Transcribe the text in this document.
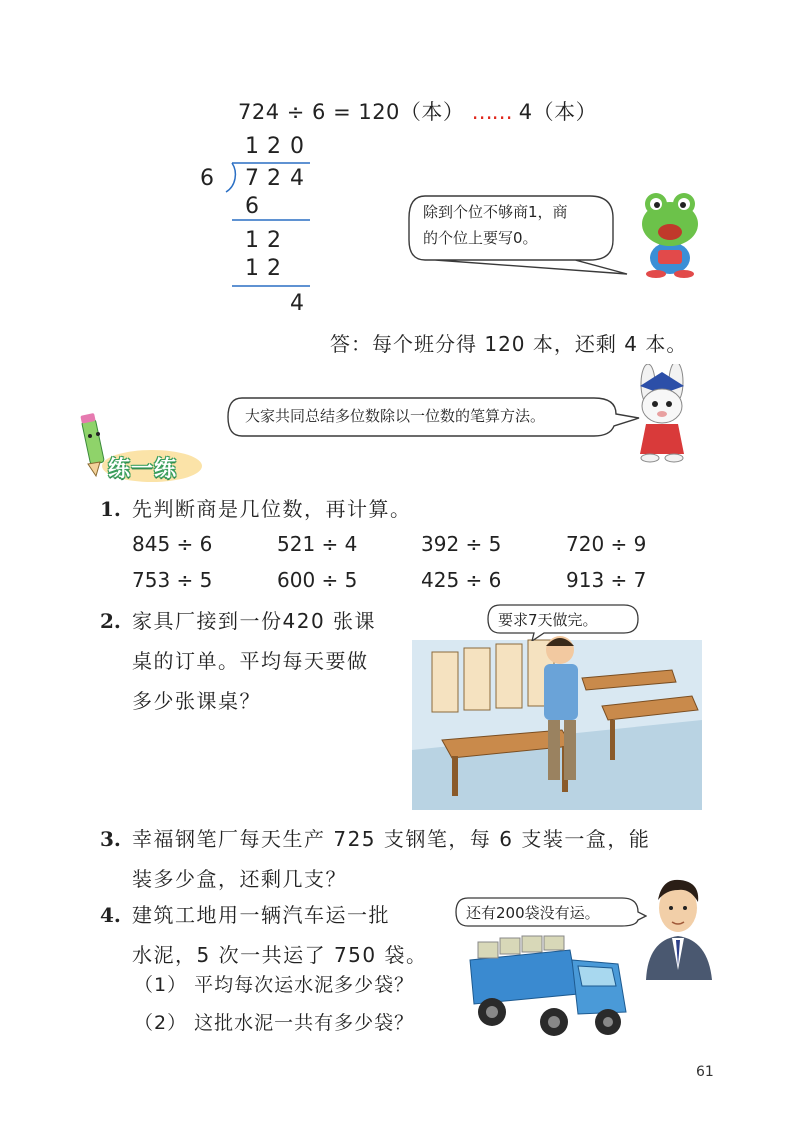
724 ÷ 6 = 120（本） …… 4（本）
1 2 0
6 7 2 4
6
1 2
1 2
4
除到个位不够商1，商
的个位上要写0。
答：每个班分得 120 本，还剩 4 本。
大家共同总结多位数除以一位数的笔算方法。
练一练
1. 先判断商是几位数，再计算。
845 ÷ 6	521 ÷ 4	392 ÷ 5	720 ÷ 9
753 ÷ 5	600 ÷ 5	425 ÷ 6	913 ÷ 7
2. 家具厂接到一份420 张课
桌的订单。平均每天要做
多少张课桌？
要求7天做完。
3. 幸福钢笔厂每天生产 725 支钢笔，每 6 支装一盒，能
装多少盒，还剩几支？
4. 建筑工地用一辆汽车运一批
水泥，5 次一共运了 750 袋。
（1） 平均每次运水泥多少袋？
（2） 这批水泥一共有多少袋？
还有200袋没有运。
61
